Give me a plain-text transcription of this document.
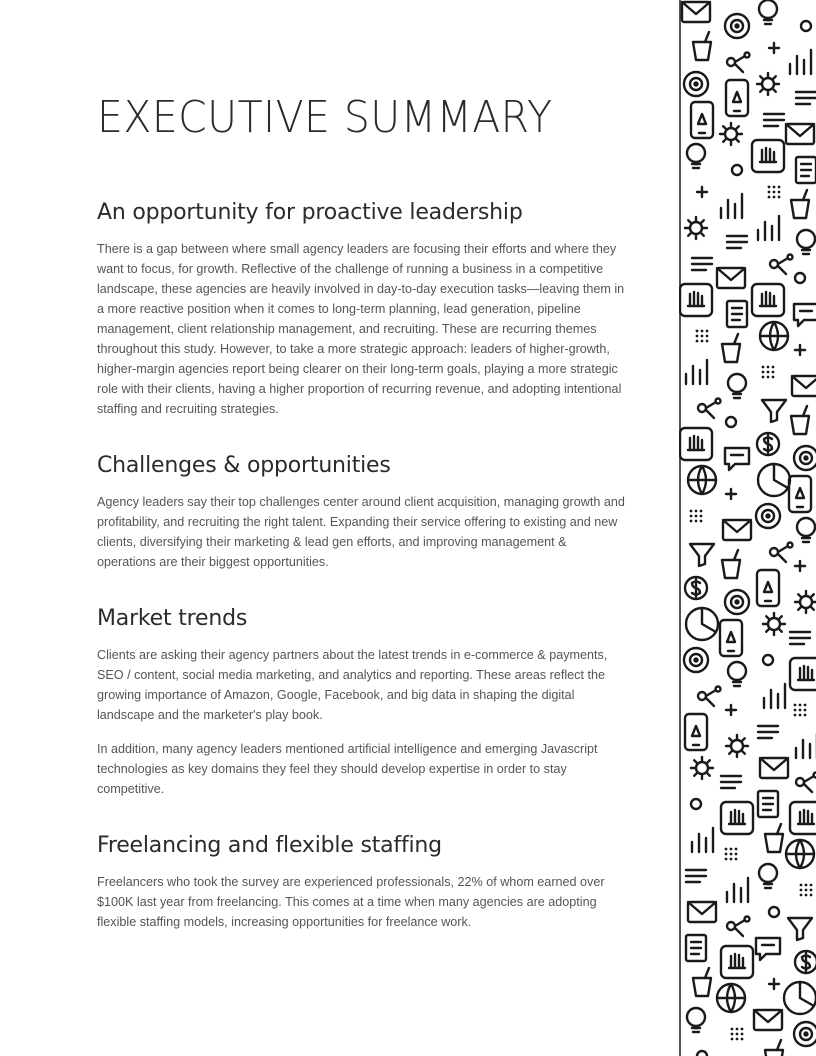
EXECUTIVE SUMMARY
An opportunity for proactive leadership

There is a gap between where small agency leaders are focusing their efforts and where they want to focus, for growth. Reflective of the challenge of running a business in a competitive landscape, these agencies are heavily involved in day-to-day execution tasks—leaving them in a more reactive position when it comes to long-term planning, lead generation, pipeline management, client relationship management, and recruiting. These are recurring themes throughout this study. However, to take a more strategic approach: leaders of higher-growth, higher-margin agencies report being clearer on their long-term goals, playing a more strategic role with their clients, having a higher proportion of recurring revenue, and adopting intentional staffing and recruiting strategies.

Challenges & opportunities

Agency leaders say their top challenges center around client acquisition, managing growth and profitability, and recruiting the right talent. Expanding their service offering to existing and new clients, diversifying their marketing & lead gen efforts, and improving management & operations are their biggest opportunities.

Market trends

Clients are asking their agency partners about the latest trends in e-commerce & payments, SEO / content, social media marketing, and analytics and reporting. These areas reflect the growing importance of Amazon, Google, Facebook, and big data in shaping the digital landscape and the marketer's play book.

In addition, many agency leaders mentioned artificial intelligence and emerging Javascript technologies as key domains they feel they should develop expertise in order to stay competitive.

Freelancing and flexible staffing

Freelancers who took the survey are experienced professionals, 22% of whom earned over $100K last year from freelancing. This comes at a time when many agencies are adopting flexible staffing models, increasing opportunities for freelance work.
